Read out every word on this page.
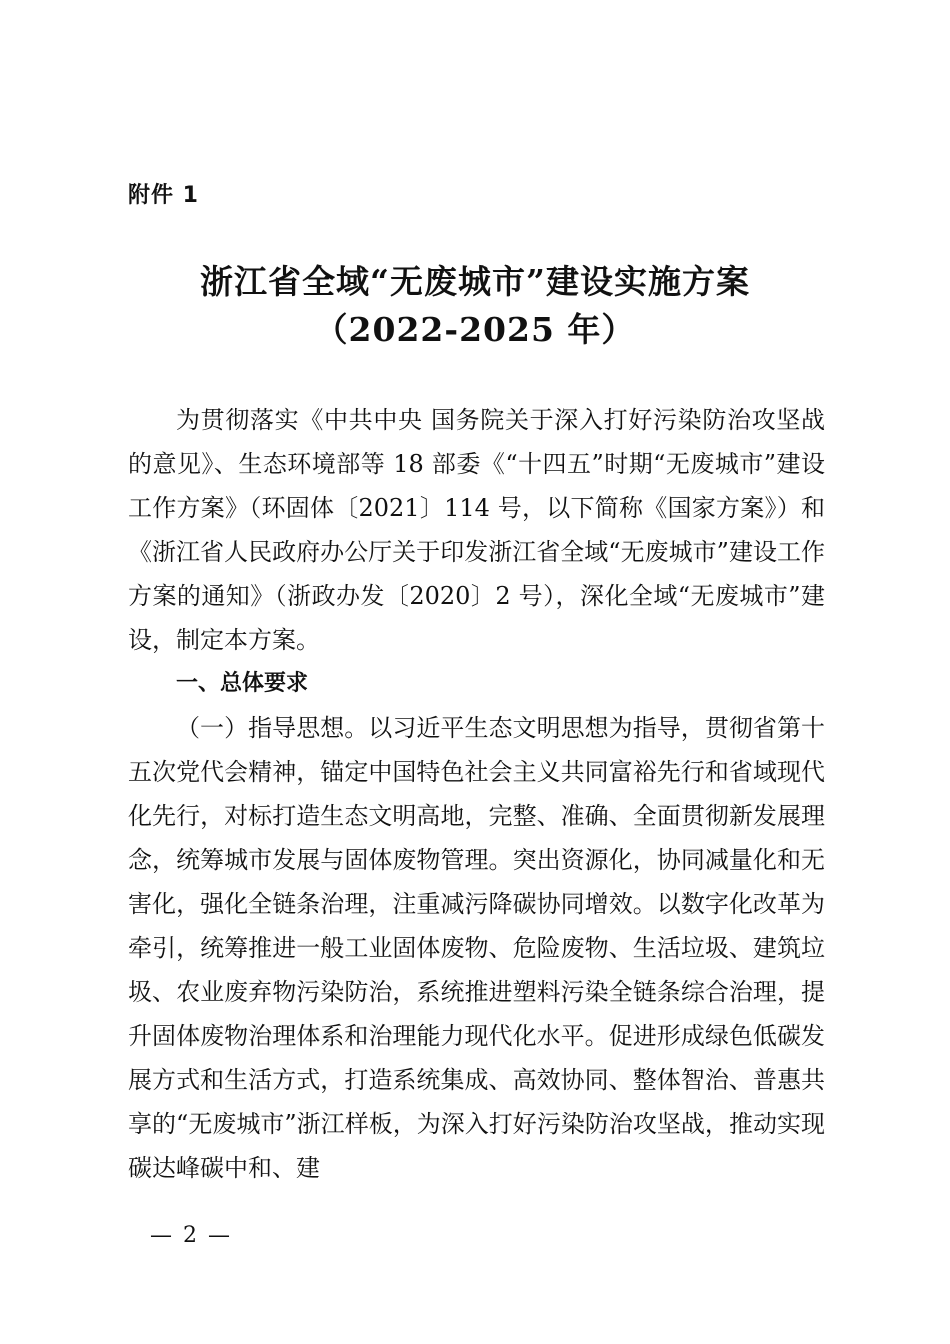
附件 1
浙江省全域“无废城市”建设实施方案
（2022-2025 年）

为贯彻落实《中共中央 国务院关于深入打好污染防治攻坚战的意见》、生态环境部等 18 部委《“十四五”时期“无废城市”建设工作方案》（环固体〔2021〕114 号，以下简称《国家方案》）和《浙江省人民政府办公厅关于印发浙江省全域“无废城市”建设工作方案的通知》（浙政办发〔2020〕2 号），深化全域“无废城市”建设，制定本方案。

一、总体要求

（一）指导思想。以习近平生态文明思想为指导，贯彻省第十五次党代会精神，锚定中国特色社会主义共同富裕先行和省域现代化先行，对标打造生态文明高地，完整、准确、全面贯彻新发展理念，统筹城市发展与固体废物管理。突出资源化，协同减量化和无害化，强化全链条治理，注重减污降碳协同增效。以数字化改革为牵引，统筹推进一般工业固体废物、危险废物、生活垃圾、建筑垃圾、农业废弃物污染防治，系统推进塑料污染全链条综合治理，提升固体废物治理体系和治理能力现代化水平。促进形成绿色低碳发展方式和生活方式，打造系统集成、高效协同、整体智治、普惠共享的“无废城市”浙江样板，为深入打好污染防治攻坚战，推动实现碳达峰碳中和、建

— 2 —
